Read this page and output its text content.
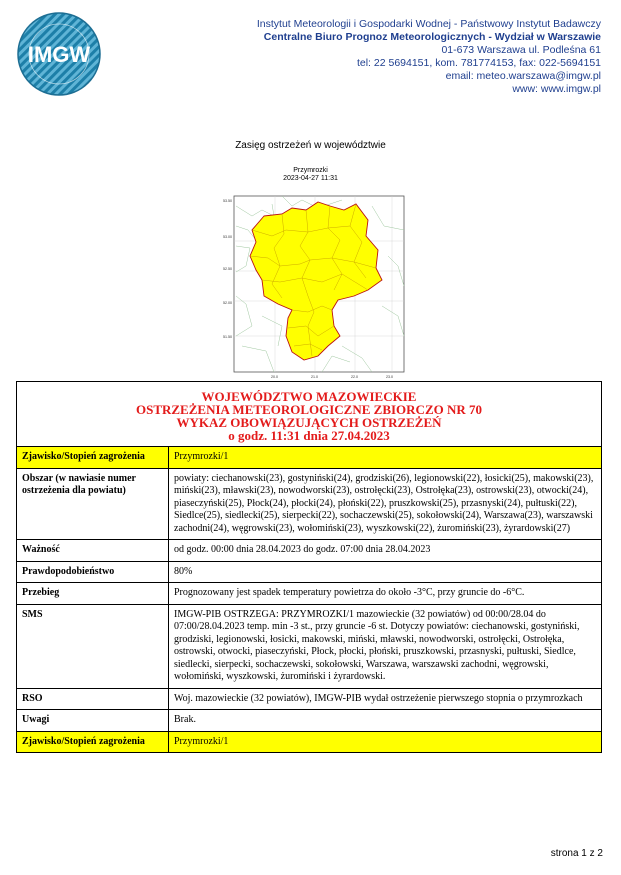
IMGW
Instytut Meteorologii i Gospodarki Wodnej - Państwowy Instytut Badawczy
Centralne Biuro Prognoz Meteorologicznych - Wydział w Warszawie
01-673 Warszawa ul. Podleśna 61
tel: 22 5694151, kom. 781774153, fax: 022-5694151
email: meteo.warszawa@imgw.pl
www: www.imgw.pl
Zasięg ostrzeżeń w województwie
Przymrozki
2023-04-27 11:31
53.50
53.00
52.50
52.00
51.50
20.0	21.0	22.0	23.0
WOJEWÓDZTWO MAZOWIECKIE
OSTRZEŻENIA METEOROLOGICZNE ZBIORCZO NR 70
WYKAZ OBOWIĄZUJĄCYCH OSTRZEŻEŃ
o godz. 11:31 dnia 27.04.2023	

Zjawisko/Stopień zagrożenia	Przymrozki/1
Obszar (w nawiasie numer ostrzeżenia dla powiatu)	powiaty: ciechanowski(23), gostyniński(24), grodziski(26), legionowski(22), łosicki(25), makowski(23), miński(23), mławski(23), nowodworski(23), ostrołęcki(23), Ostrołęka(23), ostrowski(23), otwocki(24), piaseczyński(25), Płock(24), płocki(24), płoński(22), pruszkowski(25), przasnyski(24), pułtuski(22), Siedlce(25), siedlecki(25), sierpecki(22), sochaczewski(25), sokołowski(24), Warszawa(23), warszawski zachodni(24), węgrowski(23), wołomiński(23), wyszkowski(22), żuromiński(23), żyrardowski(27)
Ważność	od godz. 00:00 dnia 28.04.2023 do godz. 07:00 dnia 28.04.2023
Prawdopodobieństwo	80%
Przebieg	Prognozowany jest spadek temperatury powietrza do około -3°C, przy gruncie do -6°C.
SMS	IMGW-PIB OSTRZEGA: PRZYMROZKI/1 mazowieckie (32 powiatów) od 00:00/28.04 do 07:00/28.04.2023 temp. min -3 st., przy gruncie -6 st. Dotyczy powiatów: ciechanowski, gostyniński, grodziski, legionowski, łosicki, makowski, miński, mławski, nowodworski, ostrołęcki, Ostrołęka, ostrowski, otwocki, piaseczyński, Płock, płocki, płoński, pruszkowski, przasnyski, pułtuski, Siedlce, siedlecki, sierpecki, sochaczewski, sokołowski, Warszawa, warszawski zachodni, węgrowski, wołomiński, wyszkowski, żuromiński i żyrardowski.
RSO	Woj. mazowieckie (32 powiatów), IMGW-PIB wydał ostrzeżenie pierwszego stopnia o przymrozkach
Uwagi	Brak.
Zjawisko/Stopień zagrożenia	Przymrozki/1
strona 1 z 2
